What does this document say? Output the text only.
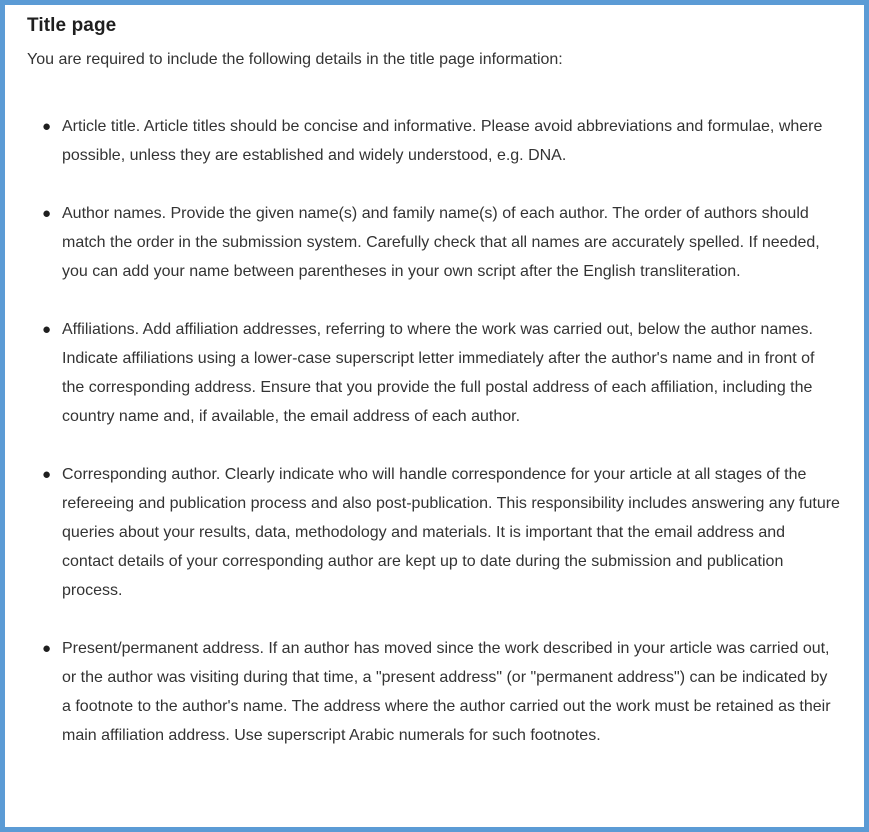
Title page

You are required to include the following details in the title page information:

● Article title. Article titles should be concise and informative. Please avoid abbreviations and formulae, where possible, unless they are established and widely understood, e.g. DNA.
● Author names. Provide the given name(s) and family name(s) of each author. The order of authors should match the order in the submission system. Carefully check that all names are accurately spelled. If needed, you can add your name between parentheses in your own script after the English transliteration.
● Affiliations. Add affiliation addresses, referring to where the work was carried out, below the author names. Indicate affiliations using a lower-case superscript letter immediately after the author's name and in front of the corresponding address. Ensure that you provide the full postal address of each affiliation, including the country name and, if available, the email address of each author.
● Corresponding author. Clearly indicate who will handle correspondence for your article at all stages of the refereeing and publication process and also post-publication. This responsibility includes answering any future queries about your results, data, methodology and materials. It is important that the email address and contact details of your corresponding author are kept up to date during the submission and publication process.
● Present/permanent address. If an author has moved since the work described in your article was carried out, or the author was visiting during that time, a "present address" (or "permanent address") can be indicated by a footnote to the author's name. The address where the author carried out the work must be retained as their main affiliation address. Use superscript Arabic numerals for such footnotes.
